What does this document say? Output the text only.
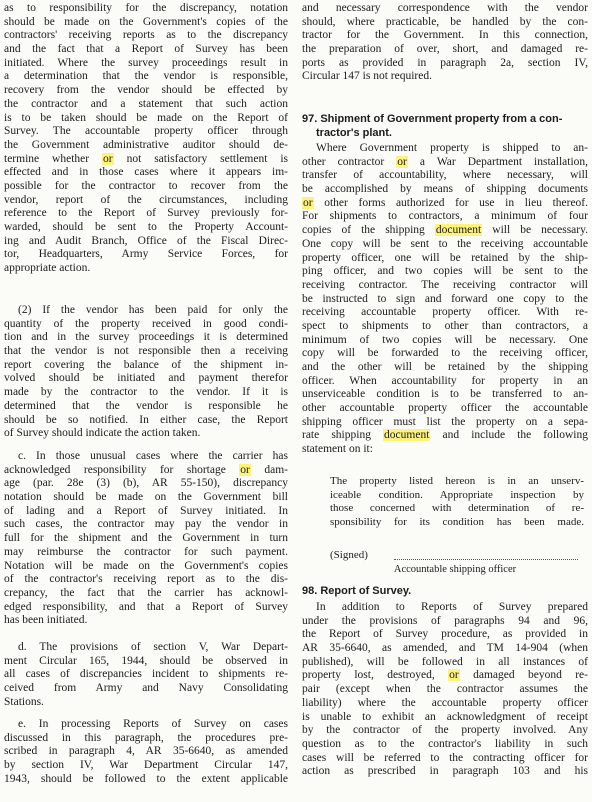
as to responsibility for the discrepancy, notation
should be made on the Government's copies of the
contractors' receiving reports as to the discrepancy
and the fact that a Report of Survey has been
initiated. Where the survey proceedings result in
a determination that the vendor is responsible,
recovery from the vendor should be effected by
the contractor and a statement that such action
is to be taken should be made on the Report of
Survey. The accountable property officer through
the Government administrative auditor should de-
termine whether or not satisfactory settlement is
effected and in those cases where it appears im-
possible for the contractor to recover from the
vendor, report of the circumstances, including
reference to the Report of Survey previously for-
warded, should be sent to the Property Account-
ing and Audit Branch, Office of the Fiscal Direc-
tor, Headquarters, Army Service Forces, for
appropriate action.
(2) If the vendor has been paid for only the
quantity of the property received in good condi-
tion and in the survey proceedings it is determined
that the vendor is not responsible then a receiving
report covering the balance of the shipment in-
volved should be initiated and payment therefor
made by the contractor to the vendor. If it is
determined that the vendor is responsible he
should be so notified. In either case, the Report
of Survey should indicate the action taken.
c. In those unusual cases where the carrier has
acknowledged responsibility for shortage or dam-
age (par. 28e (3) (b), AR 55-150), discrepancy
notation should be made on the Government bill
of lading and a Report of Survey initiated. In
such cases, the contractor may pay the vendor in
full for the shipment and the Government in turn
may reimburse the contractor for such payment.
Notation will be made on the Government's copies
of the contractor's receiving report as to the dis-
crepancy, the fact that the carrier has acknowl-
edged responsibility, and that a Report of Survey
has been initiated.
d. The provisions of section V, War Depart-
ment Circular 165, 1944, should be observed in
all cases of discrepancies incident to shipments re-
ceived from Army and Navy Consolidating
Stations.
e. In processing Reports of Survey on cases
discussed in this paragraph, the procedures pre-
scribed in paragraph 4, AR 35-6640, as amended
by section IV, War Department Circular 147,
1943, should be followed to the extent applicable
and necessary correspondence with the vendor
should, where practicable, be handled by the con-
tractor for the Government. In this connection,
the preparation of over, short, and damaged re-
ports as provided in paragraph 2a, section IV,
Circular 147 is not required.
97. Shipment of Government property from a con-
tractor's plant.
Where Government property is shipped to an-
other contractor or a War Department installation,
transfer of accountability, where necessary, will
be accomplished by means of shipping documents
or other forms authorized for use in lieu thereof.
For shipments to contractors, a minimum of four
copies of the shipping document will be necessary.
One copy will be sent to the receiving accountable
property officer, one will be retained by the ship-
ping officer, and two copies will be sent to the
receiving contractor. The receiving contractor will
be instructed to sign and forward one copy to the
receiving accountable property officer. With re-
spect to shipments to other than contractors, a
minimum of two copies will be necessary. One
copy will be forwarded to the receiving officer,
and the other will be retained by the shipping
officer. When accountability for property in an
unserviceable condition is to be transferred to an-
other accountable property officer the accountable
shipping officer must list the property on a sepa-
rate shipping document and include the following
statement on it:
The property listed hereon is in an unserv-
iceable condition. Appropriate inspection by
those concerned with determination of re-
sponsibility for its condition has been made.
(Signed)
Accountable shipping officer
98. Report of Survey.
In addition to Reports of Survey prepared
under the provisions of paragraphs 94 and 96,
the Report of Survey procedure, as provided in
AR 35-6640, as amended, and TM 14-904 (when
published), will be followed in all instances of
property lost, destroyed, or damaged beyond re-
pair (except when the contractor assumes the
liability) where the accountable property officer
is unable to exhibit an acknowledgment of receipt
by the contractor of the property involved. Any
question as to the contractor's liability in such
cases will be referred to the contracting officer for
action as prescribed in paragraph 103 and his
